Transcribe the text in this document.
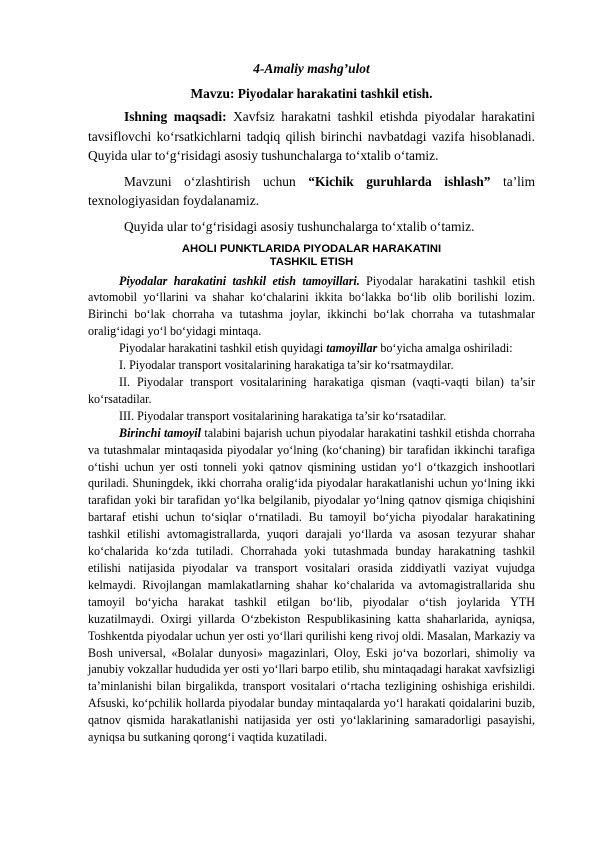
4-Amaliy mashg’ulot
Mavzu: Piyodalar harakatini tashkil etish.

Ishning maqsadi: Xavfsiz harakatni tashkil etishda piyodalar harakatini tavsiflovchi ko‘rsatkichlarni tadqiq qilish birinchi navbatdagi vazifa hisoblanadi. Quyida ular to‘g‘risidagi asosiy tushunchalarga to‘xtalib o‘tamiz.

Mavzuni o‘zlashtirish uchun “Kichik guruhlarda ishlash” ta’lim texnologiyasidan foydalanamiz.

Quyida ular to‘g‘risidagi asosiy tushunchalarga to‘xtalib o‘tamiz.

AHOLI PUNKTLARIDA PIYODALAR HARAKATINI
TASHKIL ETISH

Piyodalar harakatini tashkil etish tamoyillari. Piyodalar harakatini tashkil etish avtomobil yo‘llarini va shahar ko‘chalarini ikkita bo‘lakka bo‘lib olib borilishi lozim. Birinchi bo‘lak chorraha va tutashma joylar, ikkinchi bo‘lak chorraha va tutashmalar oralig‘idagi yo‘l bo‘yidagi mintaqa.

Piyodalar harakatini tashkil etish quyidagi tamoyillar bo‘yicha amalga oshiriladi:

I. Piyodalar transport vositalarining harakatiga ta’sir ko‘rsatmaydilar.

II. Piyodalar transport vositalarining harakatiga qisman (vaqti-vaqti bilan) ta’sir ko‘rsatadilar.

III. Piyodalar transport vositalarining harakatiga ta’sir ko‘rsatadilar.

Birinchi tamoyil talabini bajarish uchun piyodalar harakatini tashkil etishda chorraha va tutashmalar mintaqasida piyodalar yo‘lning (ko‘chaning) bir tarafidan ikkinchi tarafiga o‘tishi uchun yer osti tonneli yoki qatnov qismining ustidan yo‘l o‘tkazgich inshootlari quriladi. Shuningdek, ikki chorraha oralig‘ida piyodalar harakatlanishi uchun yo‘lning ikki tarafidan yoki bir tarafidan yo‘lka belgilanib, piyodalar yo‘lning qatnov qismiga chiqishini bartaraf etishi uchun to‘siqlar o‘rnatiladi. Bu tamoyil bo‘yicha piyodalar harakatining tashkil etilishi avtomagistrallarda, yuqori darajali yo‘llarda va asosan tezyurar shahar ko‘chalarida ko‘zda tutiladi. Chorrahada yoki tutashmada bunday harakatning tashkil etilishi natijasida piyodalar va transport vositalari orasida ziddiyatli vaziyat vujudga kelmaydi. Rivojlangan mamlakatlarning shahar ko‘chalarida va avtomagistrallarida shu tamoyil bo‘yicha harakat tashkil etilgan bo‘lib, piyodalar o‘tish joylarida YTH kuzatilmaydi. Oxirgi yillarda O‘zbekiston Respublikasining katta shaharlarida, ayniqsa, Toshkentda piyodalar uchun yer osti yo‘llari qurilishi keng rivoj oldi. Masalan, Markaziy va Bosh universal, «Bolalar dunyosi» magazinlari, Oloy, Eski jo‘va bozorlari, shimoliy va janubiy vokzallar hududida yer osti yo‘llari barpo etilib, shu mintaqadagi harakat xavfsizligi ta’minlanishi bilan birgalikda, transport vositalari o‘rtacha tezligining oshishiga erishildi. Afsuski, ko‘pchilik hollarda piyodalar bunday mintaqalarda yo‘l harakati qoidalarini buzib, qatnov qismida harakatlanishi natijasida yer osti yo‘laklarining samaradorligi pasayishi, ayniqsa bu sutkaning qorong‘i vaqtida kuzatiladi.
